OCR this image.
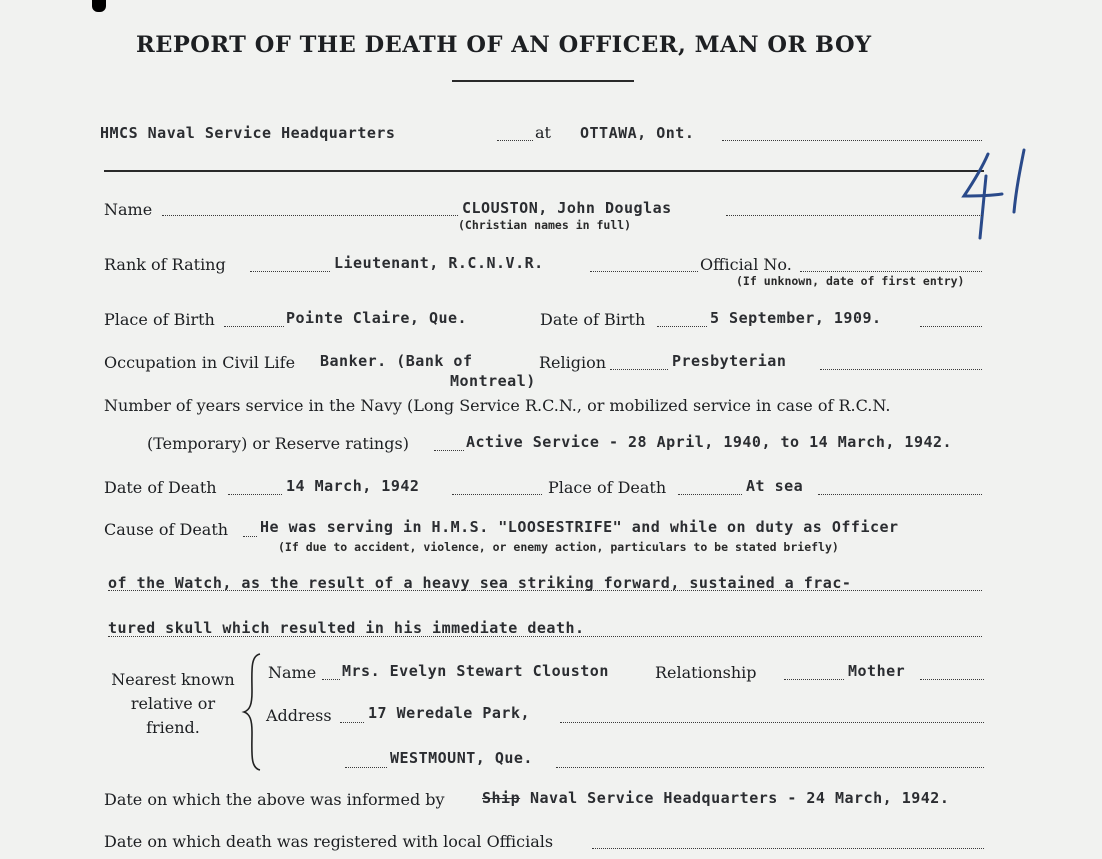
REPORT OF THE DEATH OF AN OFFICER, MAN OR BOY
HMCS Naval Service Headquarters	at OTTAWA, Ont.
Name	CLOUSTON, John Douglas
(Christian names in full)
Rank of Rating	Lieutenant, R.C.N.V.R.	Official No.
(If unknown, date of first entry)
Place of Birth	Pointe Claire, Que.	Date of Birth	5 September, 1909.
Occupation in Civil Life Banker. (Bank of
Montreal)
Religion	Presbyterian
Number of years service in the Navy (Long Service R.C.N., or mobilized service in case of R.C.N.
(Temporary) or Reserve ratings)	Active Service - 28 April, 1940, to 14 March, 1942.
Date of Death	14 March, 1942	Place of Death	At sea
Cause of Death He was serving in H.M.S. "LOOSESTRIFE" and while on duty as Officer
(If due to accident, violence, or enemy action, particulars to be stated briefly)
of the Watch, as the result of a heavy sea striking forward, sustained a frac-
tured skull which resulted in his immediate death.
Nearest known
relative or
friend.
Name Mrs. Evelyn Stewart Clouston	Relationship	Mother
Address 17 Weredale Park,
WESTMOUNT, Que.
Date on which the above was informed by Ship Naval Service Headquarters - 24 March, 1942.
Date on which death was registered with local Officials
